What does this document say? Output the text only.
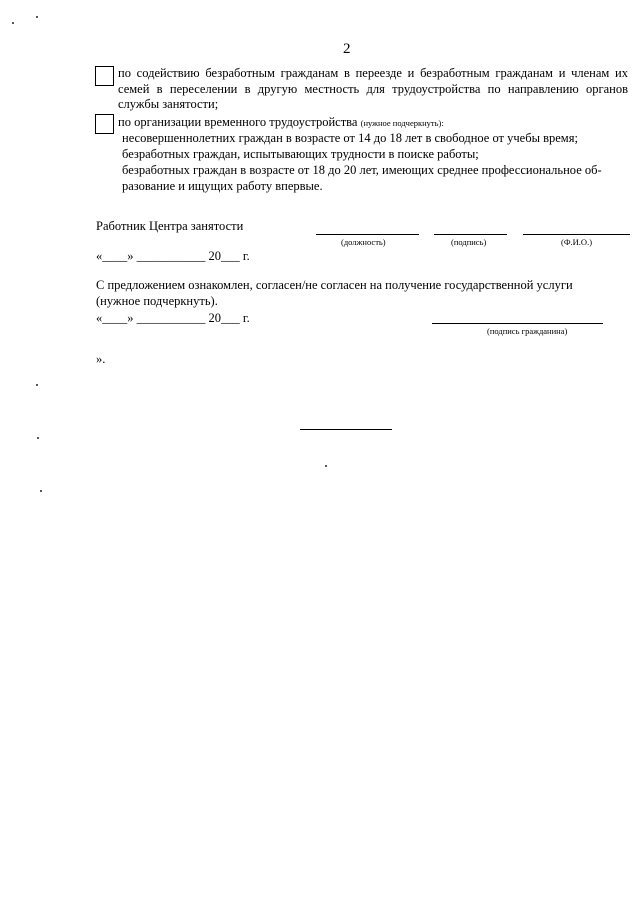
2
по содействию безработным гражданам в переезде и безработным гражданам и членам их семей в переселении в другую местность для трудоустройства по направлению органов службы занятости;
по организации временного трудоустройства (нужное подчеркнуть):
несовершеннолетних граждан в возрасте от 14 до 18 лет в свободное от учебы время;
безработных граждан, испытывающих трудности в поиске работы;
безработных граждан в возрасте от 18 до 20 лет, имеющих среднее профессиональное об-
разование и ищущих работу впервые.
Работник Центра занятости
(должность)	(подпись)	(Ф.И.О.)
«____» ___________ 20___ г.
С предложением ознакомлен, согласен/не согласен на получение государственной услуги
(нужное подчеркнуть).
«____» ___________ 20___ г.
(подпись гражданина)
».
